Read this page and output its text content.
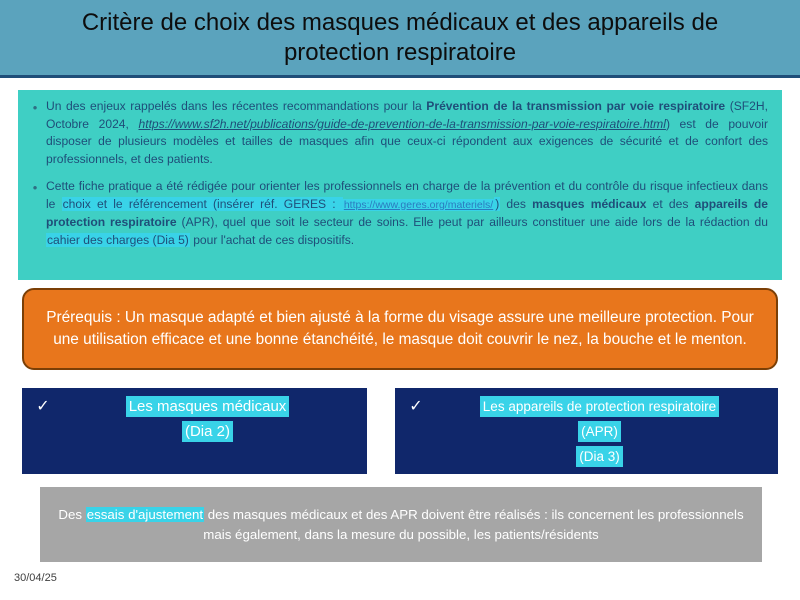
Critère de choix des masques médicaux et des appareils de protection respiratoire
• Un des enjeux rappelés dans les récentes recommandations pour la Prévention de la transmission par voie respiratoire (SF2H, Octobre 2024, https://www.sf2h.net/publications/guide-de-prevention-de-la-transmission-par-voie-respiratoire.html) est de pouvoir disposer de plusieurs modèles et tailles de masques afin que ceux-ci répondent aux exigences de sécurité et de confort des professionnels, et des patients.
• Cette fiche pratique a été rédigée pour orienter les professionnels en charge de la prévention et du contrôle du risque infectieux dans le choix et le référencement (insérer réf. GERES : https://www.geres.org/materiels/ ) des masques médicaux et des appareils de protection respiratoire (APR), quel que soit le secteur de soins. Elle peut par ailleurs constituer une aide lors de la rédaction du cahier des charges (Dia 5) pour l'achat de ces dispositifs.
Prérequis : Un masque adapté et bien ajusté à la forme du visage assure une meilleure protection. Pour une utilisation efficace et une bonne étanchéité, le masque doit couvrir le nez, la bouche et le menton.
✓	Les masques médicaux
(Dia 2)
✓	Les appareils de protection respiratoire
(APR)
(Dia 3)
Des essais d'ajustement des masques médicaux et des APR doivent être réalisés : ils concernent les professionnels mais également, dans la mesure du possible, les patients/résidents
30/04/25
